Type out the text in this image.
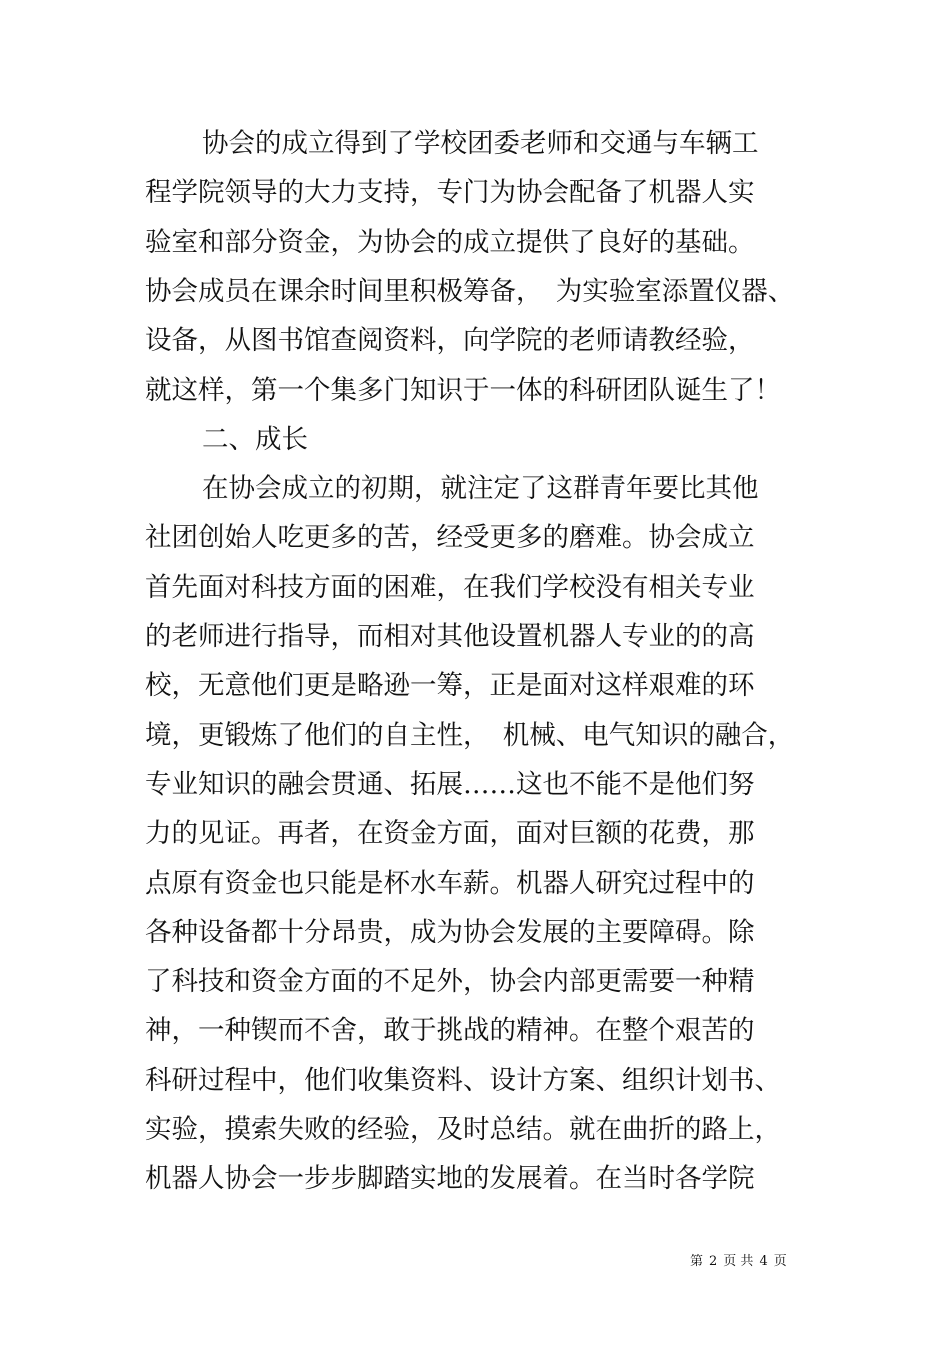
协会的成立得到了学校团委老师和交通与车辆工
程学院领导的大力支持，专门为协会配备了机器人实
验室和部分资金，为协会的成立提供了良好的基础。
协会成员在课余时间里积极筹备，　为实验室添置仪器、
设备，从图书馆查阅资料，向学院的老师请教经验，
就这样，第一个集多门知识于一体的科研团队诞生了！
二、成长
在协会成立的初期，就注定了这群青年要比其他
社团创始人吃更多的苦，经受更多的磨难。协会成立
首先面对科技方面的困难，在我们学校没有相关专业
的老师进行指导，而相对其他设置机器人专业的的高
校，无意他们更是略逊一筹，正是面对这样艰难的环
境，更锻炼了他们的自主性，　机械、电气知识的融合，
专业知识的融会贯通、拓展……这也不能不是他们努
力的见证。再者，在资金方面，面对巨额的花费，那
点原有资金也只能是杯水车薪。机器人研究过程中的
各种设备都十分昂贵，成为协会发展的主要障碍。除
了科技和资金方面的不足外，协会内部更需要一种精
神，一种锲而不舍，敢于挑战的精神。在整个艰苦的
科研过程中，他们收集资料、设计方案、组织计划书、
实验，摸索失败的经验，及时总结。就在曲折的路上，
机器人协会一步步脚踏实地的发展着。在当时各学院
第 2 页 共 4 页
